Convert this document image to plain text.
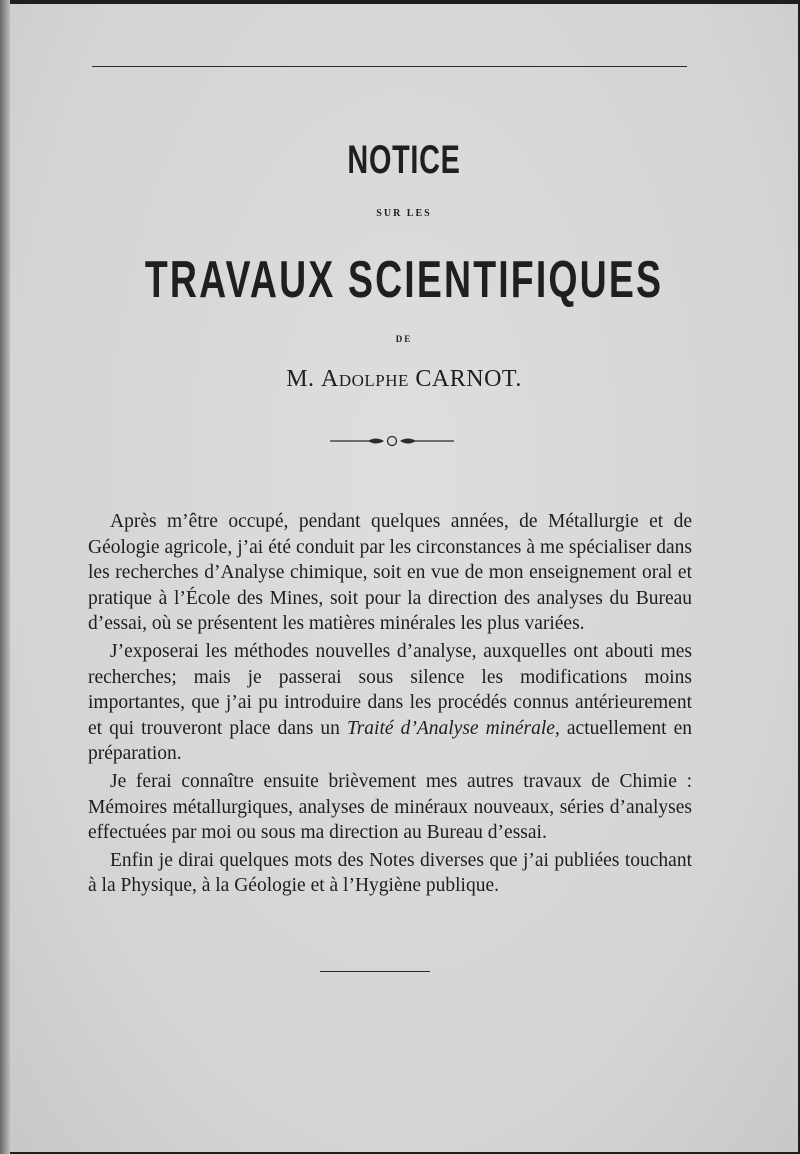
NOTICE
SUR LES
TRAVAUX SCIENTIFIQUES
DE
M. Adolphe CARNOT.

Après m’être occupé, pendant quelques années, de Métallurgie et de Géologie agricole, j’ai été conduit par les circonstances à me spécialiser dans les recherches d’Analyse chimique, soit en vue de mon enseignement oral et pratique à l’École des Mines, soit pour la direction des analyses du Bureau d’essai, où se présentent les matières minérales les plus variées.

J’exposerai les méthodes nouvelles d’analyse, auxquelles ont abouti mes recherches; mais je passerai sous silence les modifications moins importantes, que j’ai pu introduire dans les procédés connus antérieurement et qui trouveront place dans un Traité d’Analyse minérale, actuellement en préparation.

Je ferai connaître ensuite brièvement mes autres travaux de Chimie : Mémoires métallurgiques, analyses de minéraux nouveaux, séries d’analyses effectuées par moi ou sous ma direction au Bureau d’essai.

Enfin je dirai quelques mots des Notes diverses que j’ai publiées touchant à la Physique, à la Géologie et à l’Hygiène publique.
